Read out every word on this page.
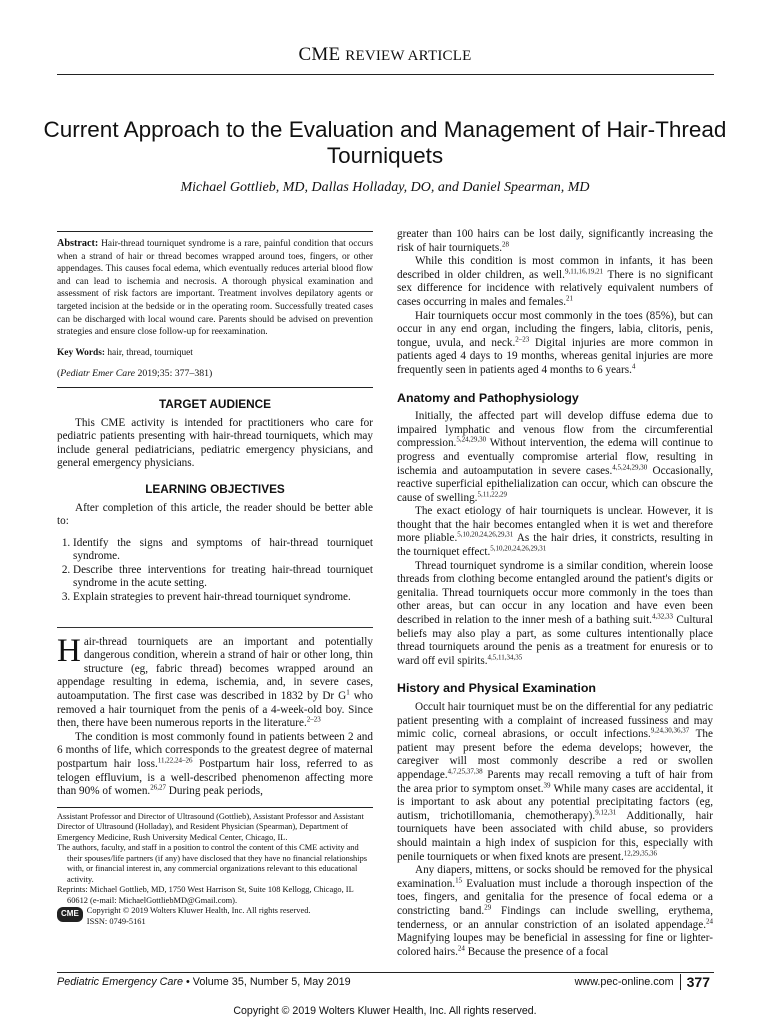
CME REVIEW ARTICLE
Current Approach to the Evaluation and Management of Hair-Thread Tourniquets
Michael Gottlieb, MD, Dallas Holladay, DO, and Daniel Spearman, MD
Abstract: Hair-thread tourniquet syndrome is a rare, painful condition that occurs when a strand of hair or thread becomes wrapped around toes, fingers, or other appendages. This causes focal edema, which eventually reduces arterial blood flow and can lead to ischemia and necrosis. A thorough physical examination and assessment of risk factors are important. Treatment involves depilatory agents or targeted incision at the bedside or in the operating room. Successfully treated cases can be discharged with local wound care. Parents should be advised on prevention strategies and ensure close follow-up for reexamination.
Key Words: hair, thread, tourniquet
(Pediatr Emer Care 2019;35: 377–381)
TARGET AUDIENCE

This CME activity is intended for practitioners who care for pediatric patients presenting with hair-thread tourniquets, which may include general pediatricians, pediatric emergency physicians, and general emergency physicians.

LEARNING OBJECTIVES

After completion of this article, the reader should be better able to:

1. Identify the signs and symptoms of hair-thread tourniquet syndrome.
2. Describe three interventions for treating hair-thread tourniquet syndrome in the acute setting.
3. Explain strategies to prevent hair-thread tourniquet syndrome.

Hair-thread tourniquets are an important and potentially dangerous condition, wherein a strand of hair or other long, thin structure (eg, fabric thread) becomes wrapped around an appendage resulting in edema, ischemia, and, in severe cases, autoamputation. The first case was described in 1832 by Dr $G^1$ who removed a hair tourniquet from the penis of a 4-week-old boy. Since then, there have been numerous reports in the literature.$^{2-23}$

The condition is most commonly found in patients between 2 and 6 months of life, which corresponds to the greatest degree of maternal postpartum hair loss.$^{11,22,24-26}$ Postpartum hair loss, referred to as telogen effluvium, is a well-described phenomenon affecting more than 90% of women.$^{26,27}$ During peak periods,

Assistant Professor and Director of Ultrasound (Gottlieb), Assistant Professor and Assistant Director of Ultrasound (Holladay), and Resident Physician (Spearman), Department of Emergency Medicine, Rush University Medical Center, Chicago, IL.
The authors, faculty, and staff in a position to control the content of this CME activity and their spouses/life partners (if any) have disclosed that they have no financial relationships with, or financial interest in, any commercial organizations relevant to this educational activity.
Reprints: Michael Gottlieb, MD, 1750 West Harrison St, Suite 108 Kellogg, Chicago, IL 60612 (e-mail: MichaelGottliebMD@Gmail.com).
CME Copyright © 2019 Wolters Kluwer Health, Inc. All rights reserved.
ISSN: 0749-5161

greater than 100 hairs can be lost daily, significantly increasing the risk of hair tourniquets.$^{28}$

While this condition is most common in infants, it has been described in older children, as well.$^{9,11,16,19,21}$ There is no significant sex difference for incidence with relatively equivalent numbers of cases occurring in males and females.$^{21}$

Hair tourniquets occur most commonly in the toes (85%), but can occur in any end organ, including the fingers, labia, clitoris, penis, tongue, uvula, and neck.$^{2-23}$ Digital injuries are more common in patients aged 4 days to 19 months, whereas genital injuries are more frequently seen in patients aged 4 months to 6 years.$^4$

Anatomy and Pathophysiology

Initially, the affected part will develop diffuse edema due to impaired lymphatic and venous flow from the circumferential compression.$^{5,24,29,30}$ Without intervention, the edema will continue to progress and eventually compromise arterial flow, resulting in ischemia and autoamputation in severe cases.$^{4,5,24,29,30}$ Occasionally, reactive superficial epithelialization can occur, which can obscure the cause of swelling.$^{5,11,22,29}$

The exact etiology of hair tourniquets is unclear. However, it is thought that the hair becomes entangled when it is wet and therefore more pliable.$^{5,10,20,24,26,29,31}$ As the hair dries, it constricts, resulting in the tourniquet effect.$^{5,10,20,24,26,29,31}$

Thread tourniquet syndrome is a similar condition, wherein loose threads from clothing become entangled around the patient's digits or genitalia. Thread tourniquets occur more commonly in the toes than other areas, but can occur in any location and have even been described in relation to the inner mesh of a bathing suit.$^{4,32,33}$ Cultural beliefs may also play a part, as some cultures intentionally place thread tourniquets around the penis as a treatment for enuresis or to ward off evil spirits.$^{4,5,11,34,35}$

History and Physical Examination

Occult hair tourniquet must be on the differential for any pediatric patient presenting with a complaint of increased fussiness and may mimic colic, corneal abrasions, or occult infections.$^{9,24,30,36,37}$ The patient may present before the edema develops; however, the caregiver will most commonly describe a red or swollen appendage.$^{4,7,25,37,38}$ Parents may recall removing a tuft of hair from the area prior to symptom onset.$^{39}$ While many cases are accidental, it is important to ask about any potential precipitating factors (eg, autism, trichotillomania, chemotherapy).$^{9,12,31}$ Additionally, hair tourniquets have been associated with child abuse, so providers should maintain a high index of suspicion for this, especially with penile tourniquets or when fixed knots are present.$^{12,29,35,36}$

Any diapers, mittens, or socks should be removed for the physical examination.$^{15}$ Evaluation must include a thorough inspection of the toes, fingers, and genitalia for the presence of focal edema or a constricting band.$^{29}$ Findings can include swelling, erythema, tenderness, or an annular constriction of an isolated appendage.$^{24}$ Magnifying loupes may be beneficial in assessing for fine or lighter-colored hairs.$^{24}$ Because the presence of a focal

Pediatric Emergency Care • Volume 35, Number 5, May 2019	www.pec-online.com 377
Copyright © 2019 Wolters Kluwer Health, Inc. All rights reserved.
